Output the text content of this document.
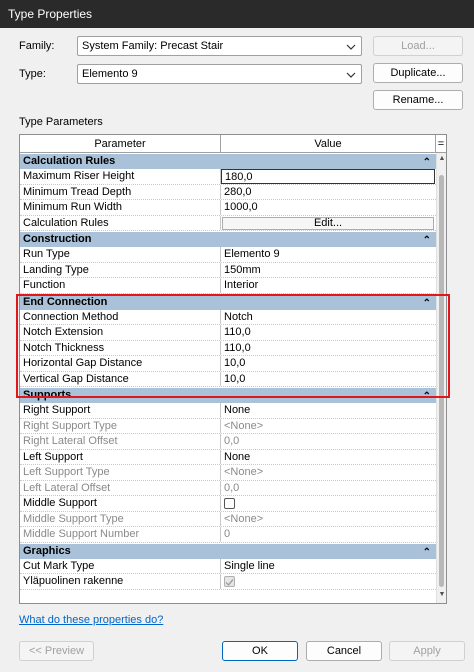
Type Properties
Family:	System Family: Precast Stair	Load...
Type:	Elemento 9	Duplicate...
Rename...
Type Parameters
Parameter	Value	=
Calculation Rules	⌃
Maximum Riser Height	180,0
Minimum Tread Depth	280,0
Minimum Run Width	1000,0
Calculation Rules	Edit...
Construction	⌃
Run Type	Elemento 9
Landing Type	150mm
Function	Interior
End Connection	⌃
Connection Method	Notch
Notch Extension	110,0
Notch Thickness	110,0
Horizontal Gap Distance	10,0
Vertical Gap Distance	10,0
Supports	⌃
Right Support	None
Right Support Type	<None>
Right Lateral Offset	0,0
Left Support	None
Left Support Type	<None>
Left Lateral Offset	0,0
Middle Support
Middle Support Type	<None>
Middle Support Number	0
Graphics	⌃
Cut Mark Type	Single line
Yläpuolinen rakenne
▲
▼
What do these properties do?
<< Preview	OK	Cancel	Apply
